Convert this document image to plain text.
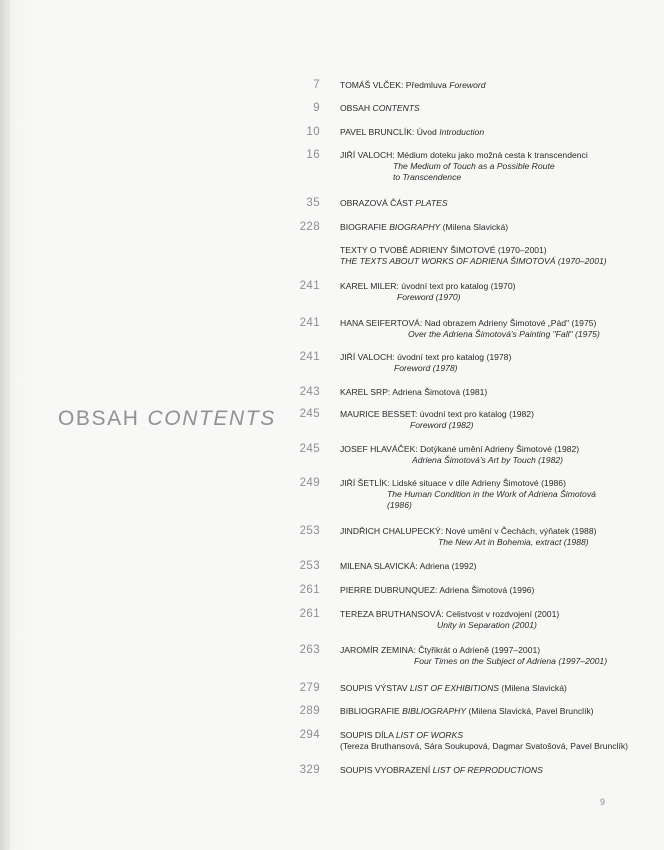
OBSAH CONTENTS
7 TOMÁŠ VLČEK: Předmluva Foreword
9 OBSAH CONTENTS
10 PAVEL BRUNCLÍK: Úvod Introduction
16 JIŘÍ VALOCH: Médium doteku jako možná cesta k transcendenci
The Medium of Touch as a Possible Route
to Transcendence
35 OBRAZOVÁ ČÁST PLATES
228 BIOGRAFIE BIOGRAPHY (Milena Slavická)
TEXTY O TVOBĚ ADRIENY ŠIMOTOVÉ (1970–2001)
THE TEXTS ABOUT WORKS OF ADRIENA ŠIMOTOVÁ (1970–2001)
241 KAREL MILER: úvodní text pro katalog (1970)
Foreword (1970)
241 HANA SEIFERTOVÁ: Nad obrazem Adrieny Šimotové „Pád" (1975)
Over the Adriena Šimotová's Painting "Fall" (1975)
241 JIŘÍ VALOCH: úvodní text pro katalog (1978)
Foreword (1978)
243 KAREL SRP: Adriena Šimotová (1981)
245 MAURICE BESSET: úvodní text pro katalog (1982)
Foreword (1982)
245 JOSEF HLAVÁČEK: Dotýkané umění Adrieny Šimotové (1982)
Adriena Šimotová's Art by Touch (1982)
249 JIŘÍ ŠETLÍK: Lidské situace v díle Adrieny Šimotové (1986)
The Human Condition in the Work of Adriena Šimotová
(1986)
253 JINDŘICH CHALUPECKÝ: Nové umění v Čechách, výňatek (1988)
The New Art in Bohemia, extract (1988)
253 MILENA SLAVICKÁ: Adriena (1992)
261 PIERRE DUBRUNQUEZ: Adriena Šimotová (1996)
261 TEREZA BRUTHANSOVÁ: Celistvost v rozdvojení (2001)
Unity in Separation (2001)
263 JAROMÍR ZEMINA: Čtyřikrát o Adrieně (1997–2001)
Four Times on the Subject of Adriena (1997–2001)
279 SOUPIS VÝSTAV LIST OF EXHIBITIONS (Milena Slavická)
289 BIBLIOGRAFIE BIBLIOGRAPHY (Milena Slavická, Pavel Brunclík)
294 SOUPIS DÍLA LIST OF WORKS
(Tereza Bruthansová, Sára Soukupová, Dagmar Svatošová, Pavel Brunclík)
329 SOUPIS VYOBRAZENÍ LIST OF REPRODUCTIONS
9
